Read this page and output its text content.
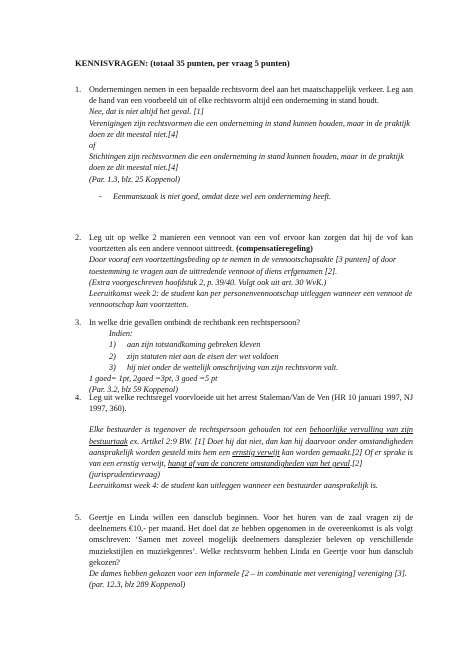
KENNISVRAGEN: (totaal 35 punten, per vraag 5 punten)
1. Ondernemingen nemen in een bepaalde rechtsvorm deel aan het maatschappelijk verkeer. Leg aan de hand van een voorbeeld uit of elke rechtsvorm altijd een onderneming in stand houdt.

Nee, dat is niet altijd het geval. [1]

Verenigingen zijn rechtsvormen die een onderneming in stand kunnen houden, maar in de praktijk doen ze dit meestal niet.[4]

of

Stichtingen zijn rechtsvormen die een onderneming in stand kunnen houden, maar in de praktijk doen ze dit meestal niet.[4]

(Par. 1.3, blz. 25 Koppenol)

- Eenmanszaak is niet goed, omdat deze wel een onderneming heeft.

2. Leg uit op welke 2 manieren een vennoot van een vof ervoor kan zorgen dat hij de vof kan voortzetten als een andere vennoot uittreedt. (compensatieregeling)

Door vooraf een voortzettingsbeding op te nemen in de vennootschapsakte [3 punten] of door toestemming te vragen aan de uittredende vennoot of diens erfgenamen [2].

(Extra voorgeschreven hoofdstuk 2, p. 39/40. Volgt ook uit art. 30 WvK.)

Leeruitkomst week 2: de student kan per personenvennootschap uitleggen wanneer een vennoot de vennootschap kan voortzetten.

3. In welke drie gevallen ontbindt de rechtbank een rechtspersoon?

Indien:

1) aan zijn totstandkoming gebreken kleven
2) zijn statuten niet aan de eisen der wet voldoen
3) hij niet onder de wettelijk omschrijving van zijn rechtsvorm valt.

1 goed= 1pt, 2goed =3pt, 3 goed =5 pt

(Par. 3.2, blz 59 Koppenol)

4. Leg uit welke rechtsregel voorvloeide uit het arrest Staleman/Van de Ven (HR 10 januari 1997, NJ 1997, 360).

Elke bestuurder is tegenover de rechtspersoon gehouden tot een behoorlijke vervulling van zijn bestuurtaak ex. Artikel 2:9 BW. [1] Doet hij dat niet, dan kan hij daarvoor onder omstandigheden aansprakelijk worden gesteld mits hem een ernstig verwijt kan worden gemaakt.[2] Of er sprake is van een ernstig verwijt, hangt af van de concrete omstandigheden van het geval.[2]

(jurisprudentievraag)

Leeruitkomst week 4: de student kan uitleggen wanneer een bestuurder aansprakelijk is.

5. Geertje en Linda willen een dansclub beginnen. Voor het huren van de zaal vragen zij de deelnemers €10,- per maand. Het doel dat ze hebben opgenomen in de overeenkomst is als volgt omschreven: ‘Samen met zoveel mogelijk deelnemers dansplezier beleven op verschillende muziekstijlen en muziekgenres’. Welke rechtsvorm hebben Linda en Geertje voor hun dansclub gekozen?

De dames hebben gekozen voor een informele [2 – in combinatie met vereniging] vereniging [3].

(par. 12.3, blz 289 Koppenol)
